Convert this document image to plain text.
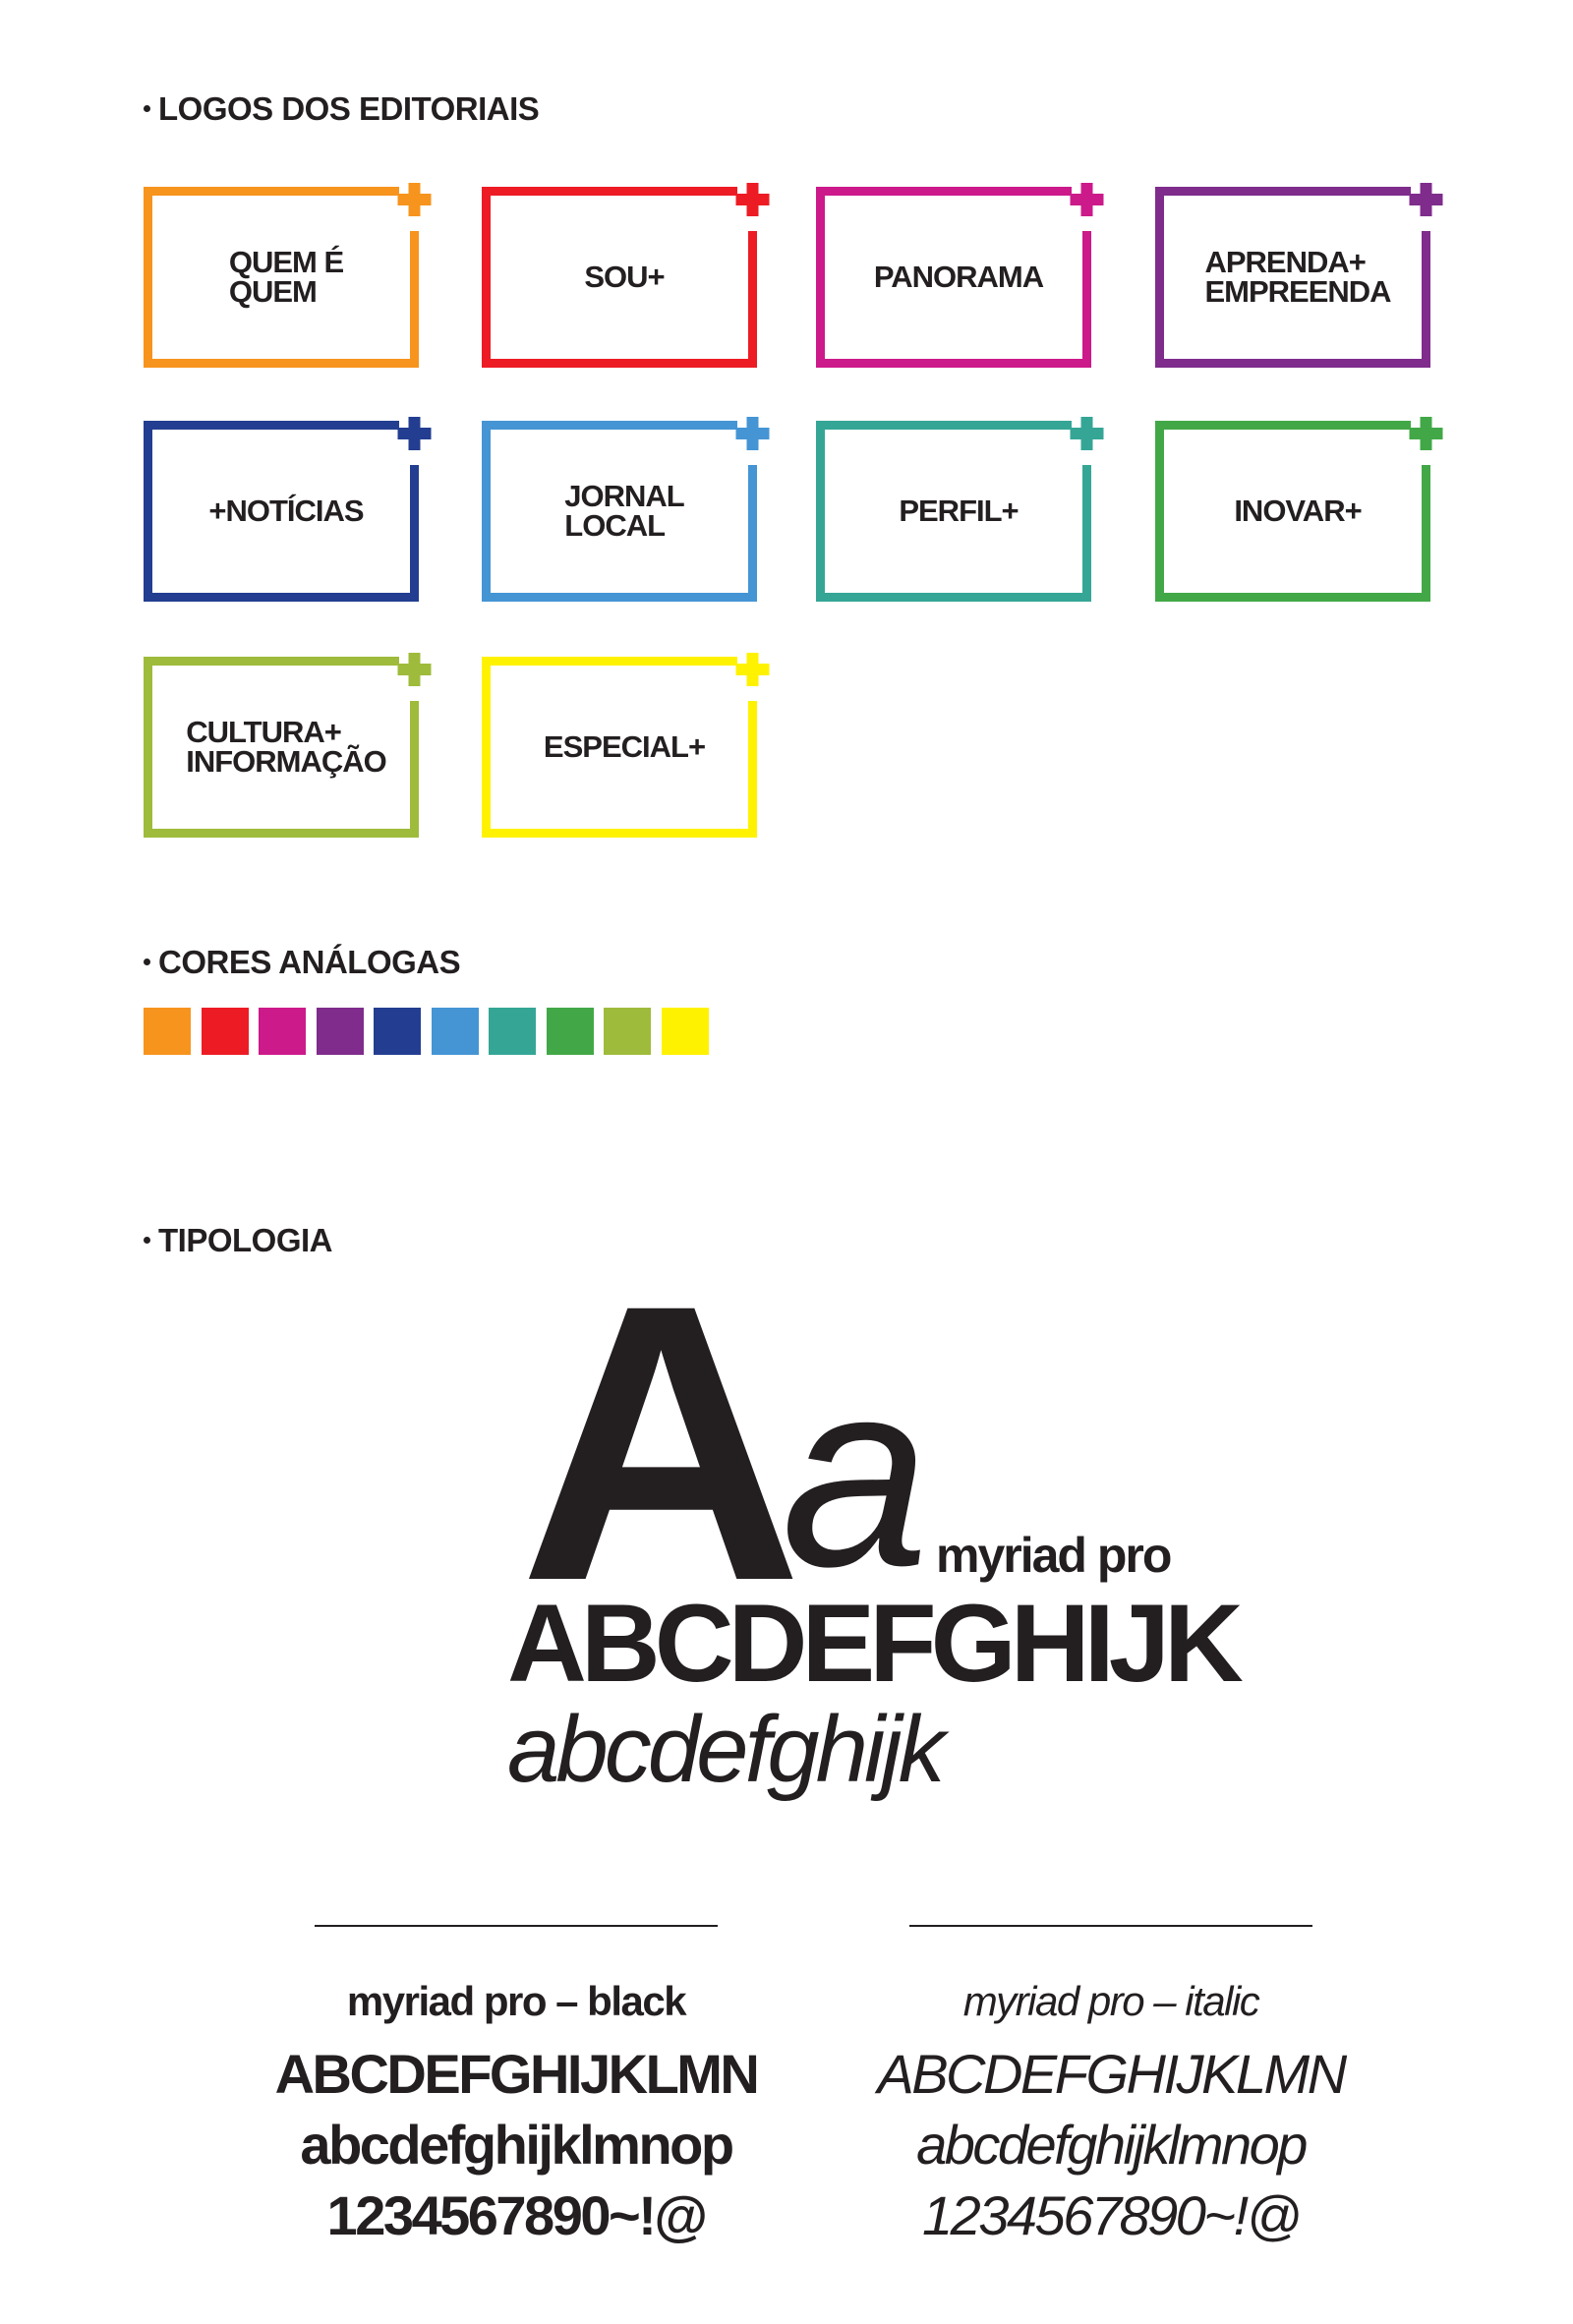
LOGOS DOS EDITORIAIS
CORES ANÁLOGAS
TIPOLOGIA
QUEM É
QUEM	SOU+	PANORAMA	APRENDA+
EMPREENDA
+NOTÍCIAS	JORNAL
LOCAL	PERFIL+	INOVAR+
CULTURA+
INFORMAÇÃO	ESPECIAL+
A
a myriad pro
ABCDEFGHIJK
abcdefghijk
myriad pro – black
ABCDEFGHIJKLMN
abcdefghijklmnop
1234567890~!@
myriad pro – italic
ABCDEFGHIJKLMN
abcdefghijklmnop
1234567890~!@
